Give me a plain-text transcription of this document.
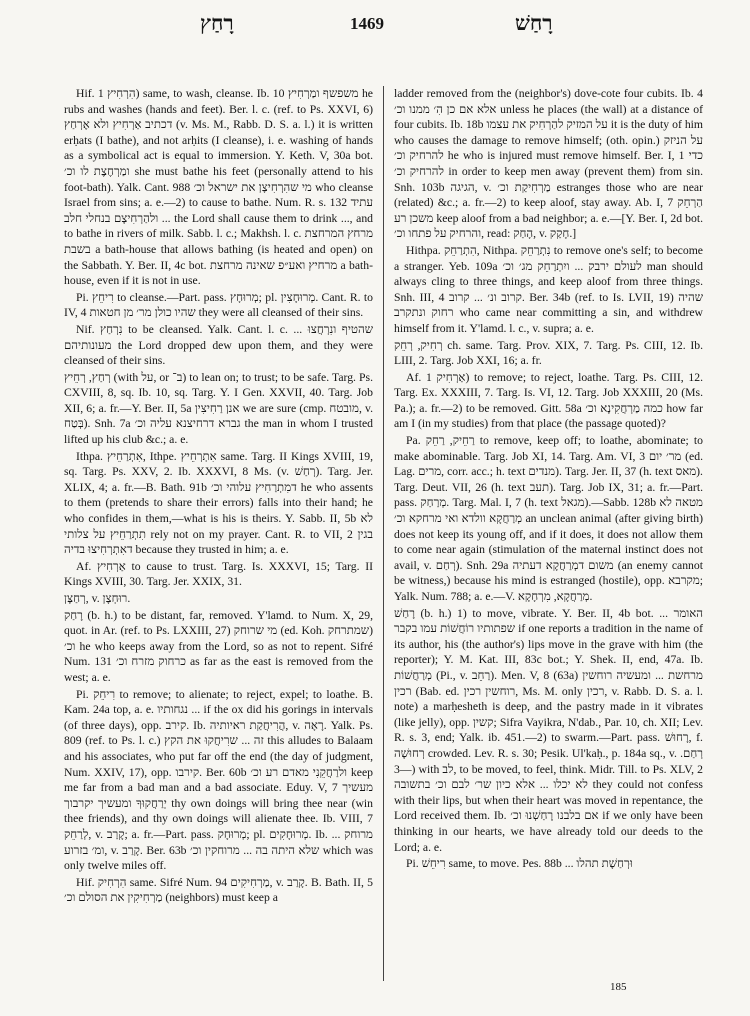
רָחַץ	1469	רָחַשׁ

Hif. הִרְחִיץ 1) same, to wash, cleanse. Ib. 10 משפשף ומַרְחִיץ he rubs and washes (hands and feet). Ber. l. c. (ref. to Ps. XXVI, 6) דכתיב אַרְחִיץ ולא אֶרְחַץ (v. Ms. M., Rabb. D. S. a. l.) it is written erḥats (I bathe), and not arḥits (I cleanse), i. e. washing of hands as a symbolical act is equal to immersion. Y. Keth. V, 30a bot. ומַרְחֶצֶת לו וכ׳ she must bathe his feet (personally attend to his foot-bath). Yalk. Cant. 988 מי שהִרְחִיצָן את ישראל וכ׳ who cleanse Israel from sins; a. e.—2) to cause to bathe. Num. R. s. 132 עתיד ... ולהַרְחִיצָם בנחלי חלב the Lord shall cause them to drink ..., and to bathe in rivers of milk. Sabb. l. c.; Makhsh. l. c. מרחץ המרחצת בשבת a bath-house that allows bathing (is heated and open) on the Sabbath. Y. Ber. II, 4c bot. מרחיץ ואע״פ שאינה מרחצת a bath-house, even if it is not in use.

Pi. רִיחֵץ to cleanse.—Part. pass. מְרוּחָץ; pl. מְרוּחָצִין. Cant. R. to IV, 4 שהיו כולן מר׳ מן חטאות they were all cleansed of their sins.

Nif. נִרְחַץ to be cleansed. Yalk. Cant. l. c. ... שהטיף ונִרְחֲצוּ מעונותיהם the Lord dropped dew upon them, and they were cleansed of their sins.

רְחַץ, רְחֵיץ (with על, or ב־) to lean on; to trust; to be safe. Targ. Ps. CXVIII, 8, sq. Ib. 10, sq. Targ. Y. I Gen. XXVII, 40. Targ. Job XII, 6; a. fr.—Y. Ber. II, 5a אנן רַחִיצִין we are sure (cmp. מובטח, v. בְּטַח). Snh. 7a גברא דרחיצנא עליה וכ׳ the man in whom I trusted lifted up his club &c.; a. e.

Ithpa. אִתְרַחֵיץ, Ithpe. אִתְרְחֵיץ same. Targ. II Kings XVIII, 19, sq. Targ. Ps. XXV, 2. Ib. XXXVI, 8 Ms. (v. רְחַשׁ). Targ. Jer. XLIX, 4; a. fr.—B. Bath. 91b דמִתְרַחִיץ עלוהי וכ׳ he who assents to them (pretends to share their errors) falls into their hand; he who confides in them,—what is his is theirs. Y. Sabb. II, 5b לא תִתְרַחֵיץ על צלותי rely not on my prayer. Cant. R. to VII, 2 בגין דאִתְרְחִיצוּ בדיה because they trusted in him; a. e.

Af. אַרְחִיץ to cause to trust. Targ. Is. XXXVI, 15; Targ. II Kings XVIII, 30. Targ. Jer. XXIX, 31.

רְחַצָּן, v. רוּחְצָן.

רָחַק (b. h.) to be distant, far, removed. Y'lamd. to Num. X, 29, quot. in Ar. (ref. to Ps. LXXIII, 27) מי שרוחק (ed. Koh. שמתרחק) וכ׳ he who keeps away from the Lord, so as not to repent. Sifré Num. 131 כרחוק מזרח וכ׳ as far as the east is removed from the west; a. e.

Pi. רִיחֵק to remove; to alienate; to reject, expel; to loathe. B. Kam. 24a top, a. e. נגחותיו ... if the ox did his gorings in intervals (of three days), opp. קירב. Ib. הֲרִיחֲקַת ראיותיה, v. רָאָה. Yalk. Ps. 809 (ref. to Ps. l. c.) זה ... שרִיחֲקוּ את הקץ this alludes to Balaam and his associates, who put far off the end (the day of judgment, Num. XXIV, 17), opp. קירבו. Ber. 60b ולרַחֲקֵנִי מאדם רע וכ׳ keep me far from a bad man and a bad associate. Eduy. V, 7 מעשיך יְרַחֲקוּךָ ומעשיך יקרבוך thy own doings will bring thee near (win thee friends), and thy own doings will alienate thee. Ib. VIII, 7 לְרַחֵק, v. קָרַב; a. fr.—Part. pass. מְרוּחָק; pl. מְרוּחָקִים. Ib. מרוחק ... ומ׳ בזרוע, v. קָרַב. Ber. 63b שלא היתה בה ... מרוחקין וכ׳ which was only twelve miles off.

Hif. הִרְחִיק same. Sifré Num. 94 מַרְחִיקִים, v. קָרַב. B. Bath. II, 5 מַרְחִיקִין את הסולם וכ׳ (neighbors) must keep a

ladder removed from the (neighbor's) dove-cote four cubits. Ib. 4 אלא אם כן הִ׳ ממנו וכ׳ unless he places (the wall) at a distance of four cubits. Ib. 18b על המזיק להַרְחִיק את עצמו it is the duty of him who causes the damage to remove himself; (oth. opin.) על הניזק להרחיק וכ׳ he who is injured must remove himself. Ber. I, 1 כדי להרחיק וכ׳ in order to keep men away (prevent them) from sin. Snh. 103b הגיגה, v. מַרְחִיקַת וכ׳ estranges those who are near (related) &c.; a. fr.—2) to keep aloof, stay away. Ab. I, 7 הַרְחֵק משכן רע keep aloof from a bad neighbor; a. e.—[Y. Ber. I, 2d bot. והרחיק על פתחו וכ׳, read: הָחַק, v. חָקַק.]

Hithpa. הִתְרַחֵק, Nithpa. נִתְרַחֵק to remove one's self; to become a stranger. Yeb. 109a לעולם ירבק ... ויִתְרַחֵק מג׳ וכ׳ man should always cling to three things, and keep aloof from three things. Snh. III, 4 קרוב ונ׳ ... קרוב. Ber. 34b (ref. to Is. LVII, 19) שהיה רחוק ונתקרב who came near committing a sin, and withdrew himself from it. Y'lamd. l. c., v. supra; a. e.

רְחִיק, רְחֵק ch. same. Targ. Prov. XIX, 7. Targ. Ps. CIII, 12. Ib. LIII, 2. Targ. Job XXI, 16; a. fr.

Af. אַרְחִיק 1) to remove; to reject, loathe. Targ. Ps. CIII, 12. Targ. Ex. XXXIII, 7. Targ. Is. VI, 12. Targ. Job XXXIII, 20 (Ms. Pa.); a. fr.—2) to be removed. Gitt. 58a כמה מַרְחֲקִינָא וכ׳ how far am I (in my studies) from that place (the passage quoted)?

Pa. רַחֵיק, רַחֵק to remove, keep off; to loathe, abominate; to make abominable. Targ. Job XI, 14. Targ. Am. VI, 3 מר׳ יום (ed. Lag. מרים, corr. acc.; h. text מנדים). Targ. Jer. II, 37 (h. text מאס). Targ. Deut. VII, 26 (h. text תעב). Targ. Job IX, 31; a. fr.—Part. pass. מְרַחַק. Targ. Mal. I, 7 (h. text מגאל).—Sabb. 128b מטאה לא מְרַחֲקָא וולדא ואי מרחקא וכ׳ an unclean animal (after giving birth) does not keep its young off, and if it does, it does not allow them to come near again (stimulation of the maternal instinct does not avail, v. רְחַם). Snh. 29a משום דמְרַחֲקָא דעתיה (an enemy cannot be witness,) because his mind is estranged (hostile), opp. מקרבא; Yalk. Num. 788; a. e.—V. מְרַחֲקָא, מִרְחָקָא.

רָחַשׁ (b. h.) 1) to move, vibrate. Y. Ber. II, 4b bot. האומר ... שפתותיו רוֹחֲשׁוֹת עמו בקבר if one reports a tradition in the name of its author, his (the author's) lips move in the grave with him (the reporter); Y. M. Kat. III, 83c bot.; Y. Shek. II, end, 47a. Ib. מְרַחֲשׁוֹת (Pi., v. רַחֵב). Men. V, 8 (63a) מרחשת ... ומעשיה רוחשין רכין (Bab. ed. רוחשין רכין, Ms. M. only רכין, v. Rabb. D. S. a. l. note) a marḥesheth is deep, and the pastry made in it vibrates (like jelly), opp. קשין; Sifra Vayikra, N'dab., Par. 10, ch. XII; Lev. R. s. 3, end; Yalk. ib. 451.—2) to swarm.—Part. pass. רָחוּשׁ, f. רְחוּשָׁה crowded. Lev. R. s. 30; Pesik. Ul'kaḥ., p. 184a sq., v. רְחַם.—3) with לב, to be moved, to feel, think. Midr. Till. to Ps. XLV, 2 לא יכלו ... אלא כיון שר׳ לבם וכ׳ בתשובה they could not confess with their lips, but when their heart was moved in repentance, the Lord received them. Ib. אם בלבנו רָחַשְׁנוּ וכ׳ if we only have been thinking in our hearts, we have already told our deeds to the Lord; a. e.

Pi. רִיחֵשׁ same, to move. Pes. 88b ... וּרְחַשָׁת תהלו

185
